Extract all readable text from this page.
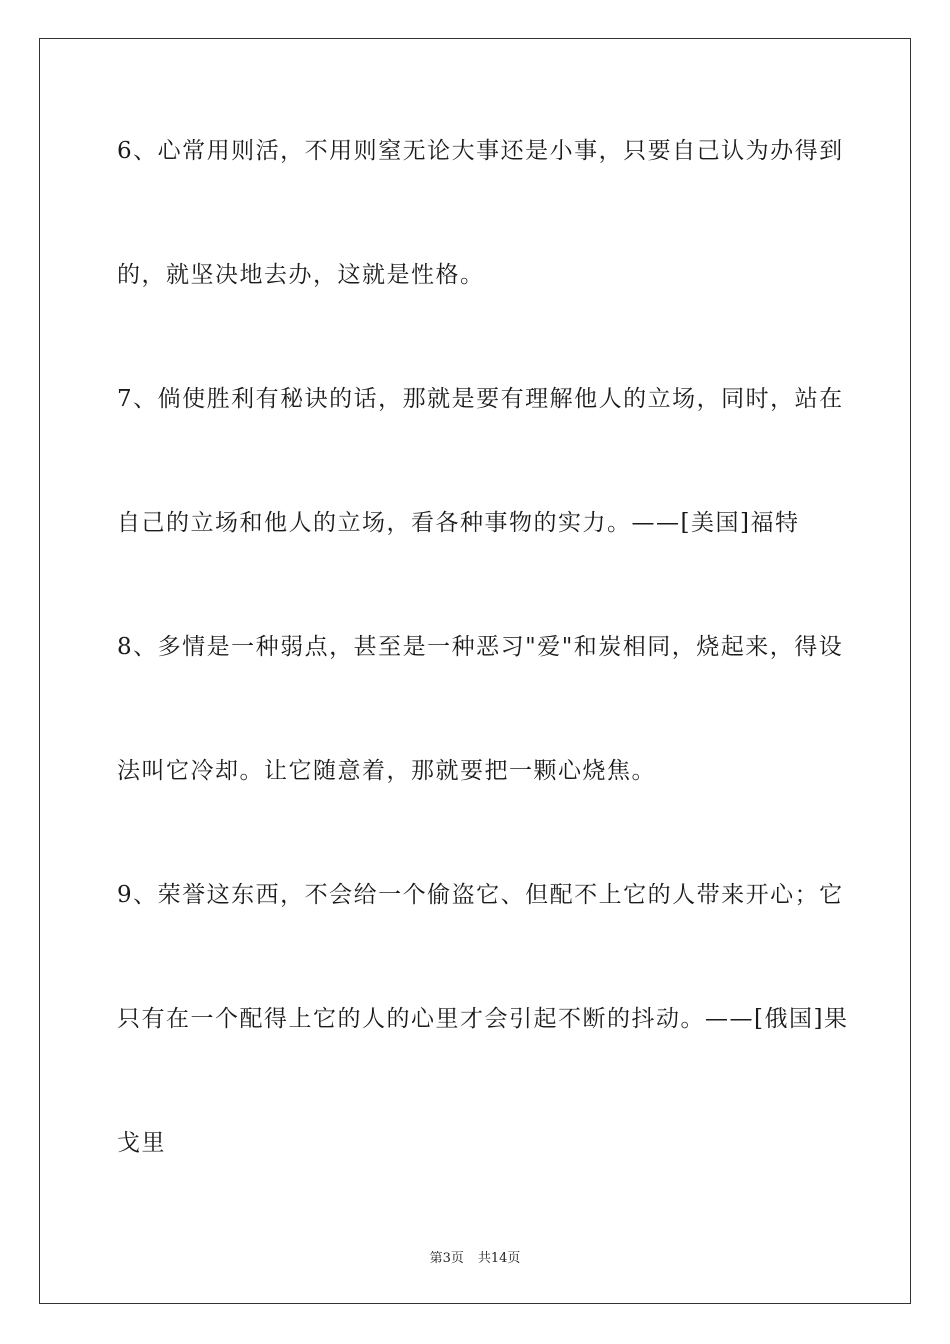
6、心常用则活，不用则窒无论大事还是小事，只要自己认为办得到
的，就坚决地去办，这就是性格。
7、倘使胜利有秘诀的话，那就是要有理解他人的立场，同时，站在
自己的立场和他人的立场，看各种事物的实力。——[美国]福特
8、多情是一种弱点，甚至是一种恶习"爱"和炭相同，烧起来，得设
法叫它冷却。让它随意着，那就要把一颗心烧焦。
9、荣誉这东西，不会给一个偷盗它、但配不上它的人带来开心；它
只有在一个配得上它的人的心里才会引起不断的抖动。——[俄国]果
戈里
第3页 共14页
